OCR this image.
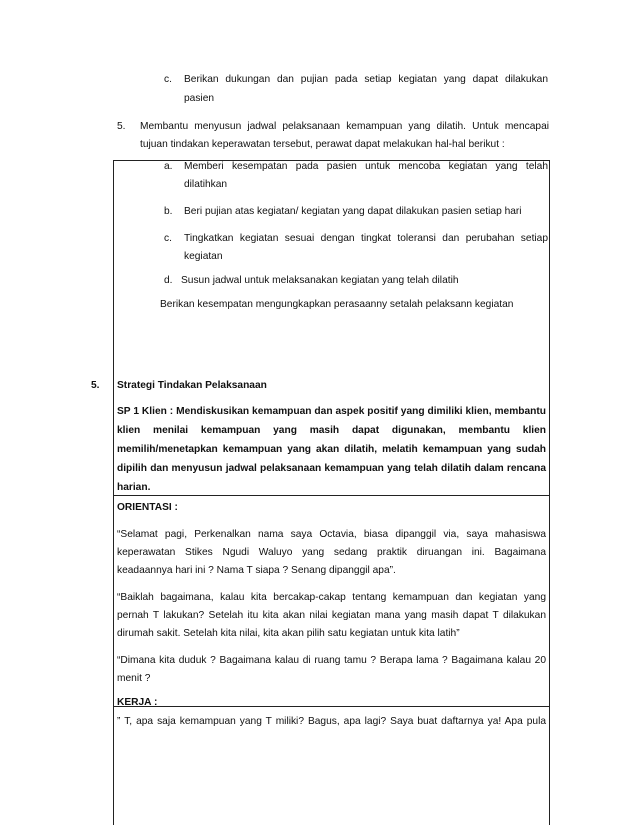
c. Berikan dukungan dan pujian pada setiap kegiatan yang dapat dilakukan
pasien
5. Membantu menyusun jadwal pelaksanaan kemampuan yang dilatih. Untuk mencapai
tujuan tindakan keperawatan tersebut, perawat dapat melakukan hal-hal berikut :
a. Memberi kesempatan pada pasien untuk mencoba kegiatan yang telah
dilatihkan
b. Beri pujian atas kegiatan/ kegiatan yang dapat dilakukan pasien setiap hari
c. Tingkatkan kegiatan sesuai dengan tingkat toleransi dan perubahan setiap
kegiatan
d.   Susun jadwal untuk melaksanakan kegiatan yang telah dilatih
Berikan kesempatan mengungkapkan perasaanny setalah pelaksann kegiatan
5. Strategi Tindakan Pelaksanaan
SP 1 Klien : Mendiskusikan kemampuan dan aspek positif yang dimiliki klien, membantu
klien menilai kemampuan yang masih dapat digunakan, membantu klien
memilih/menetapkan kemampuan yang akan dilatih, melatih kemampuan yang sudah
dipilih dan menyusun jadwal pelaksanaan kemampuan yang telah dilatih dalam rencana
harian.
ORIENTASI :
“Selamat pagi, Perkenalkan nama saya Octavia, biasa dipanggil via, saya mahasiswa
keperawatan Stikes Ngudi Waluyo yang sedang praktik diruangan ini. Bagaimana
keadaannya hari ini ? Nama T siapa ? Senang dipanggil apa”.
“Baiklah bagaimana, kalau kita bercakap-cakap tentang kemampuan dan kegiatan yang
pernah T lakukan? Setelah itu kita akan nilai kegiatan mana yang masih dapat T dilakukan
dirumah sakit. Setelah kita nilai, kita akan pilih satu kegiatan untuk kita latih”
“Dimana kita duduk ? Bagaimana kalau di ruang tamu ? Berapa lama ? Bagaimana kalau 20
menit ?
KERJA :
” T, apa saja kemampuan yang T miliki? Bagus, apa lagi? Saya buat daftarnya ya! Apa pula
